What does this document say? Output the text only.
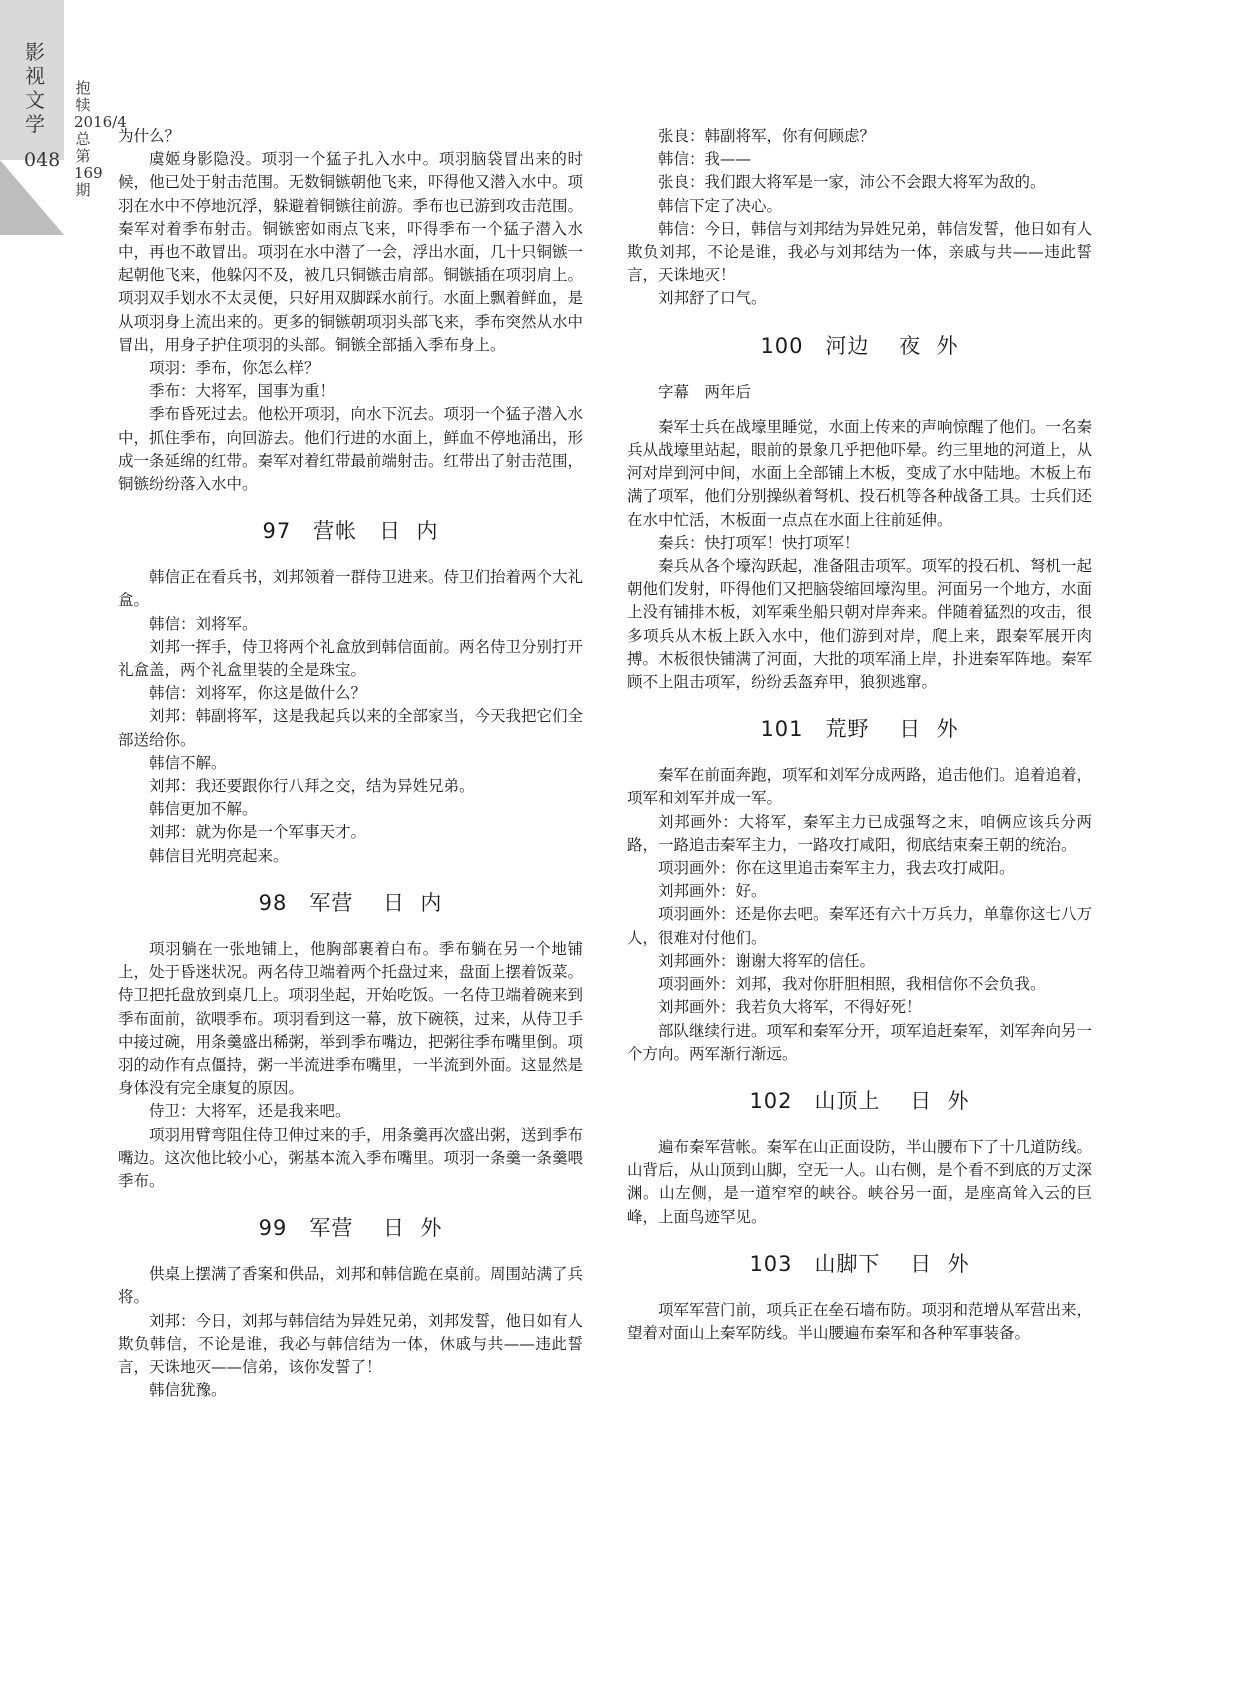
影视文学
048
抱犊2016/4 总第169期

为什么？

虞姬身影隐没。项羽一个猛子扎入水中。项羽脑袋冒出来的时候，他已处于射击范围。无数铜镞朝他飞来，吓得他又潜入水中。项羽在水中不停地沉浮，躲避着铜镞往前游。季布也已游到攻击范围。秦军对着季布射击。铜镞密如雨点飞来，吓得季布一个猛子潜入水中，再也不敢冒出。项羽在水中潜了一会，浮出水面，几十只铜镞一起朝他飞来，他躲闪不及，被几只铜镞击肩部。铜镞插在项羽肩上。项羽双手划水不太灵便，只好用双脚踩水前行。水面上飘着鲜血，是从项羽身上流出来的。更多的铜镞朝项羽头部飞来，季布突然从水中冒出，用身子护住项羽的头部。铜镞全部插入季布身上。

项羽：季布，你怎么样？

季布：大将军，国事为重！

季布昏死过去。他松开项羽，向水下沉去。项羽一个猛子潜入水中，抓住季布，向回游去。他们行进的水面上，鲜血不停地涌出，形成一条延绵的红带。秦军对着红带最前端射击。红带出了射击范围，铜镞纷纷落入水中。

97　营帐　日  内

韩信正在看兵书，刘邦领着一群侍卫进来。侍卫们抬着两个大礼盒。

韩信：刘将军。

刘邦一挥手，侍卫将两个礼盒放到韩信面前。两名侍卫分别打开礼盒盖，两个礼盒里装的全是珠宝。

韩信：刘将军，你这是做什么？

刘邦：韩副将军，这是我起兵以来的全部家当，今天我把它们全部送给你。

韩信不解。

刘邦：我还要跟你行八拜之交，结为异姓兄弟。

韩信更加不解。

刘邦：就为你是一个军事天才。

韩信目光明亮起来。

98　军营　 日  内

项羽躺在一张地铺上，他胸部裹着白布。季布躺在另一个地铺上，处于昏迷状况。两名侍卫端着两个托盘过来，盘面上摆着饭菜。侍卫把托盘放到桌几上。项羽坐起，开始吃饭。一名侍卫端着碗来到季布面前，欲喂季布。项羽看到这一幕，放下碗筷，过来，从侍卫手中接过碗，用条羹盛出稀粥，举到季布嘴边，把粥往季布嘴里倒。项羽的动作有点僵持，粥一半流进季布嘴里，一半流到外面。这显然是身体没有完全康复的原因。

侍卫：大将军，还是我来吧。

项羽用臂弯阻住侍卫伸过来的手，用条羹再次盛出粥，送到季布嘴边。这次他比较小心，粥基本流入季布嘴里。项羽一条羹一条羹喂季布。

99　军营　 日  外

供桌上摆满了香案和供品，刘邦和韩信跪在桌前。周围站满了兵将。

刘邦：今日，刘邦与韩信结为异姓兄弟，刘邦发誓，他日如有人欺负韩信，不论是谁，我必与韩信结为一体，休戚与共——违此誓言，天诛地灭——信弟，该你发誓了！

韩信犹豫。

张良：韩副将军，你有何顾虑？

韩信：我——

张良：我们跟大将军是一家，沛公不会跟大将军为敌的。

韩信下定了决心。

韩信：今日，韩信与刘邦结为异姓兄弟，韩信发誓，他日如有人欺负刘邦，不论是谁，我必与刘邦结为一体，亲戚与共——违此誓言，天诛地灭！

刘邦舒了口气。

100　河边　 夜  外

字幕　两年后

秦军士兵在战壕里睡觉，水面上传来的声响惊醒了他们。一名秦兵从战壕里站起，眼前的景象几乎把他吓晕。约三里地的河道上，从河对岸到河中间，水面上全部铺上木板，变成了水中陆地。木板上布满了项军，他们分别操纵着弩机、投石机等各种战备工具。士兵们还在水中忙活，木板面一点点在水面上往前延伸。

秦兵：快打项军！快打项军！

秦兵从各个壕沟跃起，准备阻击项军。项军的投石机、弩机一起朝他们发射，吓得他们又把脑袋缩回壕沟里。河面另一个地方，水面上没有铺排木板，刘军乘坐船只朝对岸奔来。伴随着猛烈的攻击，很多项兵从木板上跃入水中，他们游到对岸，爬上来，跟秦军展开肉搏。木板很快铺满了河面，大批的项军涌上岸，扑进秦军阵地。秦军顾不上阻击项军，纷纷丢盔弃甲，狼狈逃窜。

101　荒野　 日  外

秦军在前面奔跑，项军和刘军分成两路，追击他们。追着追着，项军和刘军并成一军。

刘邦画外：大将军，秦军主力已成强弩之末，咱俩应该兵分两路，一路追击秦军主力，一路攻打咸阳，彻底结束秦王朝的统治。

项羽画外：你在这里追击秦军主力，我去攻打咸阳。

刘邦画外：好。

项羽画外：还是你去吧。秦军还有六十万兵力，单靠你这七八万人，很难对付他们。

刘邦画外：谢谢大将军的信任。

项羽画外：刘邦，我对你肝胆相照，我相信你不会负我。

刘邦画外：我若负大将军，不得好死！

部队继续行进。项军和秦军分开，项军追赶秦军，刘军奔向另一个方向。两军渐行渐远。

102　山顶上　 日  外

遍布秦军营帐。秦军在山正面设防，半山腰布下了十几道防线。山背后，从山顶到山脚，空无一人。山右侧，是个看不到底的万丈深渊。山左侧，是一道窄窄的峡谷。峡谷另一面，是座高耸入云的巨峰，上面鸟迹罕见。

103　山脚下　 日  外

项军军营门前，项兵正在垒石墙布防。项羽和范增从军营出来，望着对面山上秦军防线。半山腰遍布秦军和各种军事装备。
